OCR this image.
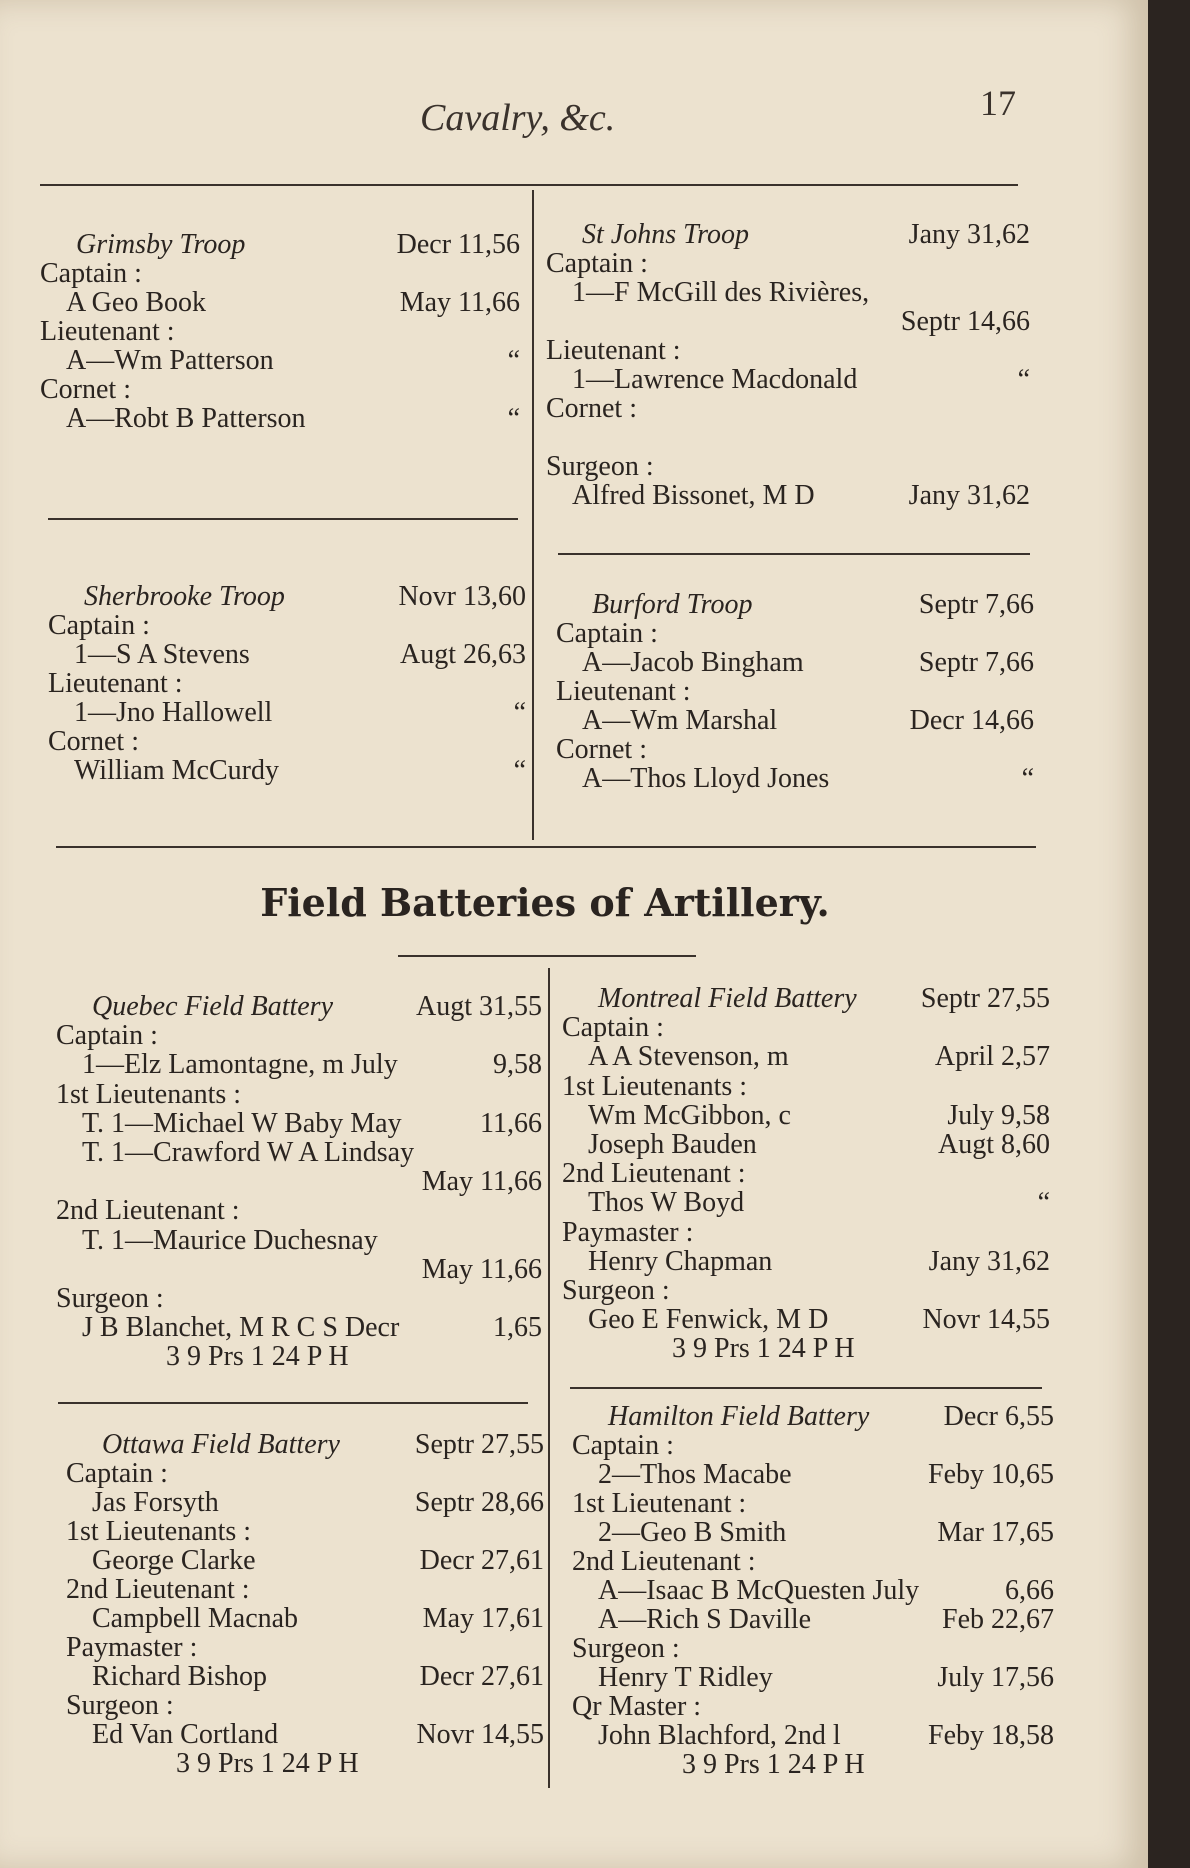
Cavalry, &c.	17
Field Batteries of Artillery.
Grimsby Troop	Decr 11,56
Captain :
A Geo Book	May 11,66
Lieutenant :
A—Wm Patterson	“
Cornet :
A—Robt B Patterson	“
St Johns Troop	Jany 31,62
Captain :
1—F McGill des Rivières,
Septr 14,66
Lieutenant :
1—Lawrence Macdonald	“
Cornet :
Surgeon :
Alfred Bissonet, M D	Jany 31,62
Sherbrooke Troop	Novr 13,60
Captain :
1—S A Stevens	Augt 26,63
Lieutenant :
1—Jno Hallowell	“
Cornet :
William McCurdy	“
Burford Troop	Septr 7,66
Captain :
A—Jacob Bingham	Septr 7,66
Lieutenant :
A—Wm Marshal	Decr 14,66
Cornet :
A—Thos Lloyd Jones	“
Quebec Field Battery	Augt 31,55
Captain :
1—Elz Lamontagne, m July	9,58
1st Lieutenants :
T. 1—Michael W Baby May	11,66
T. 1—Crawford W A Lindsay
May 11,66
2nd Lieutenant :
T. 1—Maurice Duchesnay
May 11,66
Surgeon :
J B Blanchet, M R C S Decr	1,65
3 9 Prs 1 24 P H
Montreal Field Battery Septr 27,55
Captain :
A A Stevenson, m	April 2,57
1st Lieutenants :
Wm McGibbon, c	July 9,58
Joseph Bauden	Augt 8,60
2nd Lieutenant :
Thos W Boyd	“
Paymaster :
Henry Chapman	Jany 31,62
Surgeon :
Geo E Fenwick, M D	Novr 14,55
3 9 Prs 1 24 P H
Ottawa Field Battery	Septr 27,55
Captain :
Jas Forsyth	Septr 28,66
1st Lieutenants :
George Clarke	Decr 27,61
2nd Lieutenant :
Campbell Macnab	May 17,61
Paymaster :
Richard Bishop	Decr 27,61
Surgeon :
Ed Van Cortland	Novr 14,55
3 9 Prs 1 24 P H
Hamilton Field Battery	Decr 6,55
Captain :
2—Thos Macabe	Feby 10,65
1st Lieutenant :
2—Geo B Smith	Mar 17,65
2nd Lieutenant :
A—Isaac B McQuesten July	6,66
A—Rich S Daville	Feb 22,67
Surgeon :
Henry T Ridley	July 17,56
Qr Master :
John Blachford, 2nd l	Feby 18,58
3 9 Prs 1 24 P H
